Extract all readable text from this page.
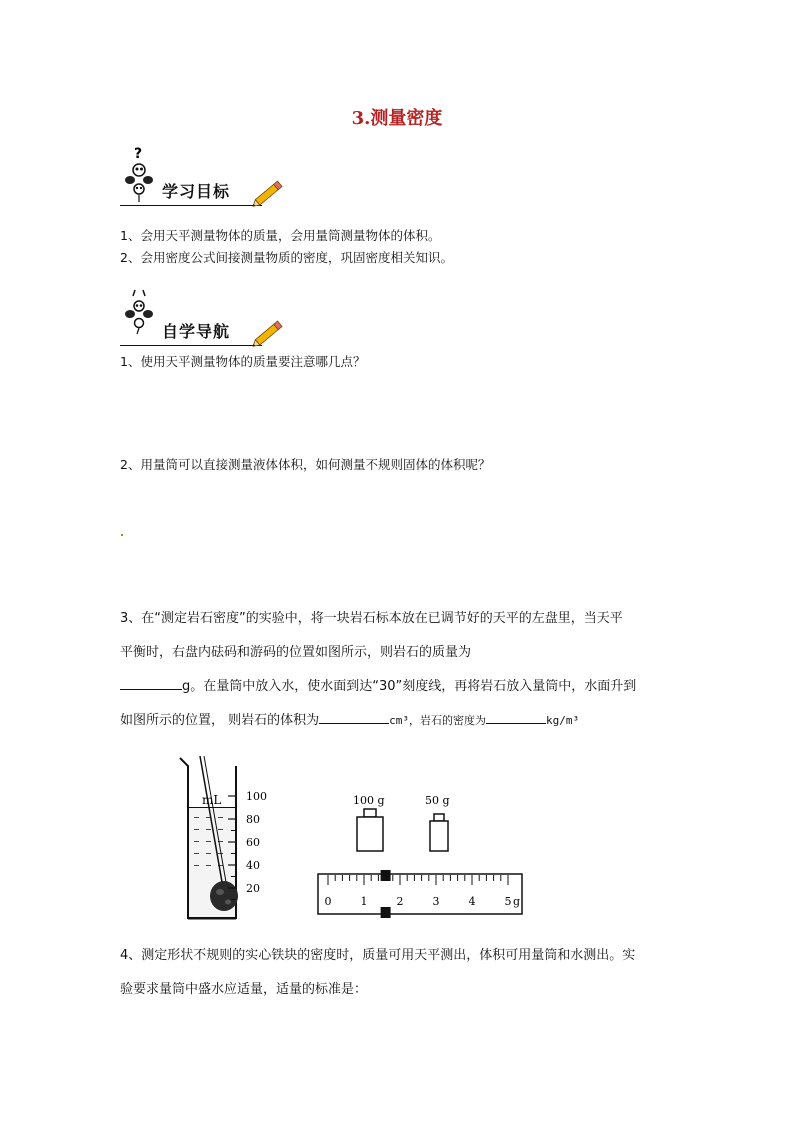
3.测量密度
?
学习目标
1、会用天平测量物体的质量，会用量筒测量物体的体积。
2、会用密度公式间接测量物质的密度，巩固密度相关知识。
自学导航
1、使用天平测量物体的质量要注意哪几点？
2、用量筒可以直接测量液体体积，如何测量不规则固体的体积呢？
3、在“测定岩石密度”的实验中，将一块岩石标本放在已调节好的天平的左盘里，当天平
平衡时，右盘内砝码和游码的位置如图所示，则岩石的质量为
g。在量筒中放入水，使水面到达“30”刻度线，再将岩石放入量筒中，水面升到
如图所示的位置， 则岩石的体积为	cm³，岩石的密度为	kg/m³
mL 100
80
60
40
20
100 g	50 g
0	1	2	3	4	5 g
4、测定形状不规则的实心铁块的密度时，质量可用天平测出，体积可用量筒和水测出。实
验要求量筒中盛水应适量，适量的标准是：
